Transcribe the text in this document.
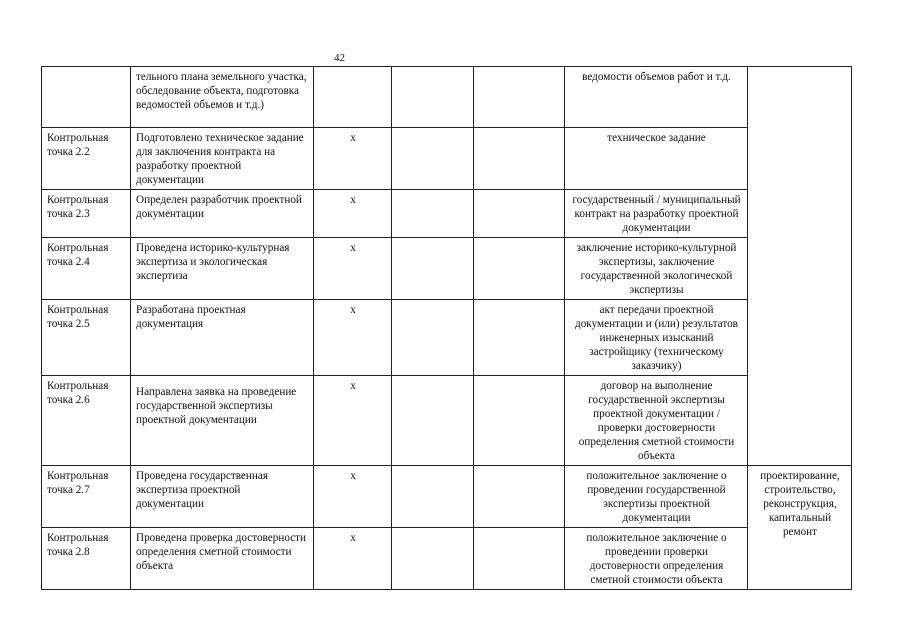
42
	тельного плана земельного участка, обследование объекта, подготовка ведомостей объемов и т.д.)				ведомости объемов работ и т.д.	
Контрольная точка 2.2	Подготовлено техническое задание для заключения контракта на разработку проектной документации	х			техническое задание	
Контрольная точка 2.3	Определен разработчик проектной документации	х			государственный / муниципальный контракт на разработку проектной документации	
Контрольная точка 2.4	Проведена историко-культурная экспертиза и экологическая экспертиза	х			заключение историко-культурной экспертизы, заключение государственной экологической экспертизы	
Контрольная точка 2.5	Разработана проектная документация	х			акт передачи проектной документации и (или) результатов инженерных изысканий застройщику (техническому заказчику)	
Контрольная точка 2.6	Направлена заявка на проведение государственной экспертизы проектной документации	х			договор на выполнение государственной экспертизы проектной документации / проверки достоверности определения сметной стоимости объекта	
Контрольная точка 2.7	Проведена государственная экспертиза проектной документации	х			положительное заключение о проведении государственной экспертизы проектной документации	проектирование, строительство, реконструкция, капитальный ремонт

Контрольная точка 2.8	Проведена проверка достоверности определения сметной стоимости объекта	х			положительное заключение о проведении проверки достоверности определения сметной стоимости объекта	
